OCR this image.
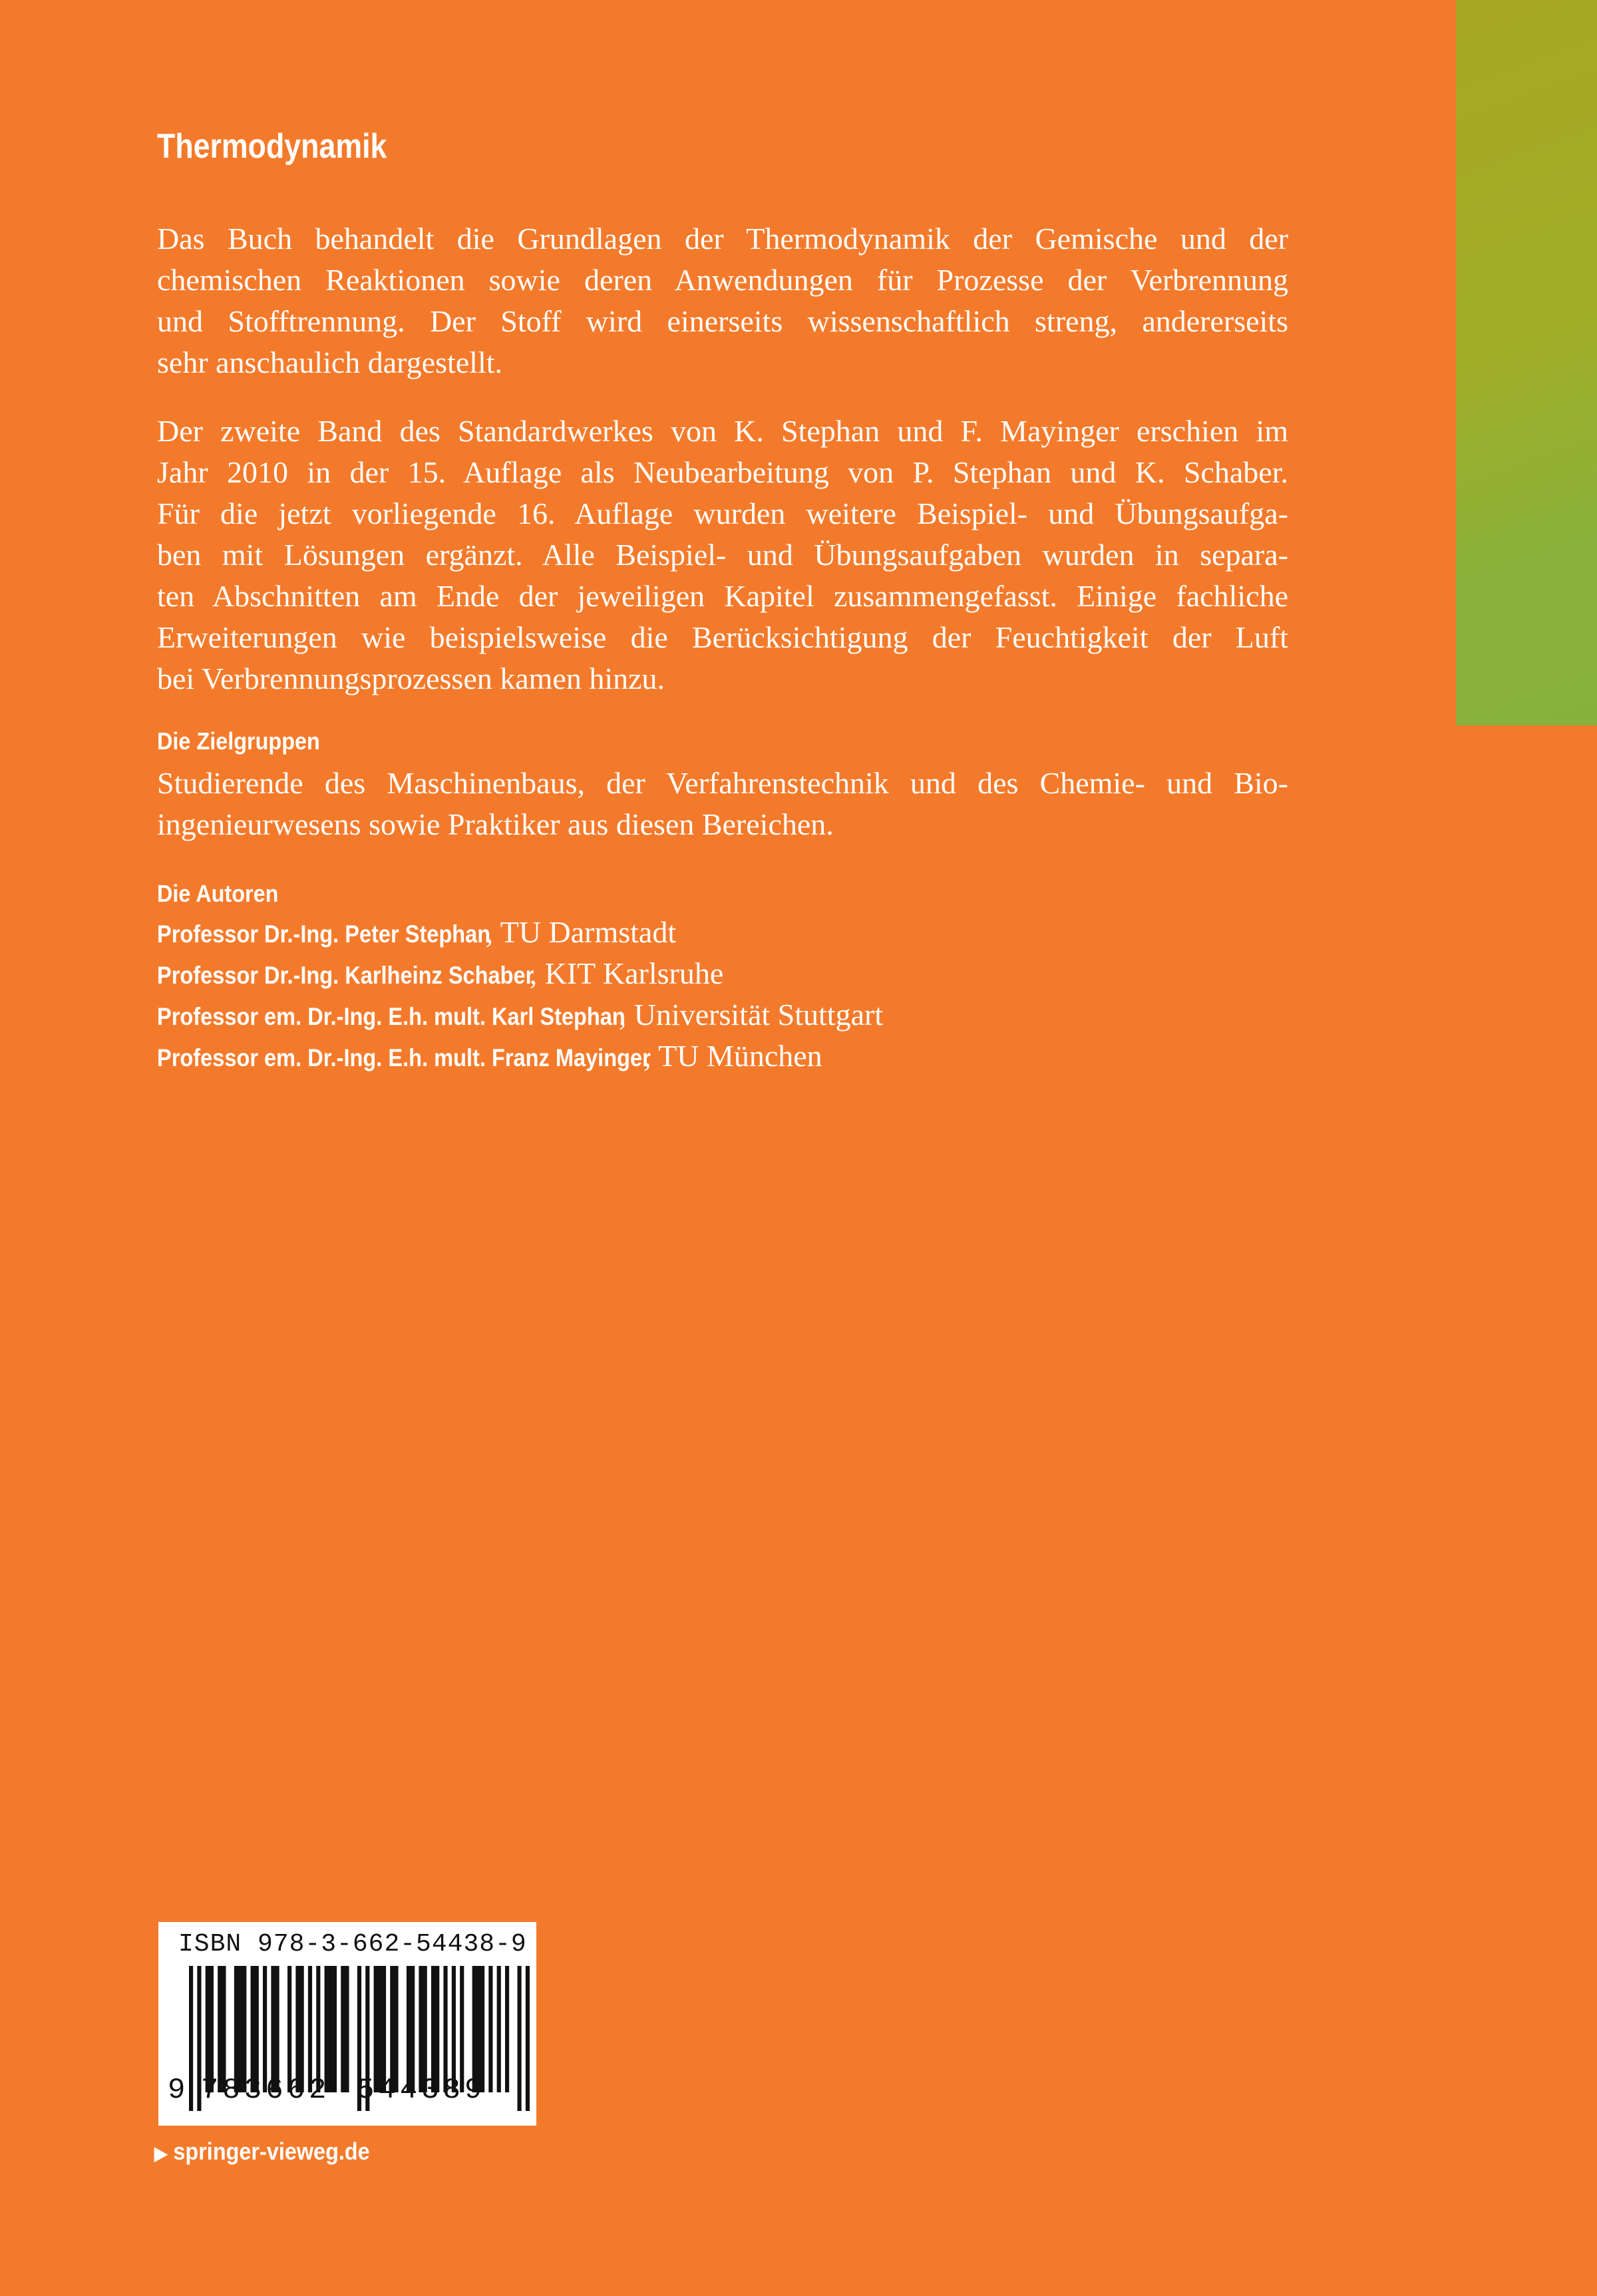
Thermodynamik

Das Buch behandelt die Grundlagen der Thermodynamik der Gemische und der
chemischen Reaktionen sowie deren Anwendungen für Prozesse der Verbrennung
und Stofftrennung. Der Stoff wird einerseits wissenschaftlich streng, andererseits
sehr anschaulich dargestellt.

Der zweite Band des Standardwerkes von K. Stephan und F. Mayinger erschien im
Jahr 2010 in der 15. Auflage als Neubearbeitung von P. Stephan und K. Schaber.
Für die jetzt vorliegende 16. Auflage wurden weitere Beispiel- und Übungsaufga-
ben mit Lösungen ergänzt. Alle Beispiel- und Übungsaufgaben wurden in separa-
ten Abschnitten am Ende der jeweiligen Kapitel zusammengefasst. Einige fachliche
Erweiterungen wie beispielsweise die Berücksichtigung der Feuchtigkeit der Luft
bei Verbrennungsprozessen kamen hinzu.

Die Zielgruppen

Studierende des Maschinenbaus, der Verfahrenstechnik und des Chemie- und Bio-
ingenieurwesens sowie Praktiker aus diesen Bereichen.

Die Autoren
Professor Dr.-Ing. Peter Stephan, TU Darmstadt
Professor Dr.-Ing. Karlheinz Schaber, KIT Karlsruhe
Professor em. Dr.-Ing. E.h. mult. Karl Stephan, Universität Stuttgart
Professor em. Dr.-Ing. E.h. mult. Franz Mayinger, TU München
ISBN 978-3-662-54438-9
9 783662 544389
▶ springer-vieweg.de
